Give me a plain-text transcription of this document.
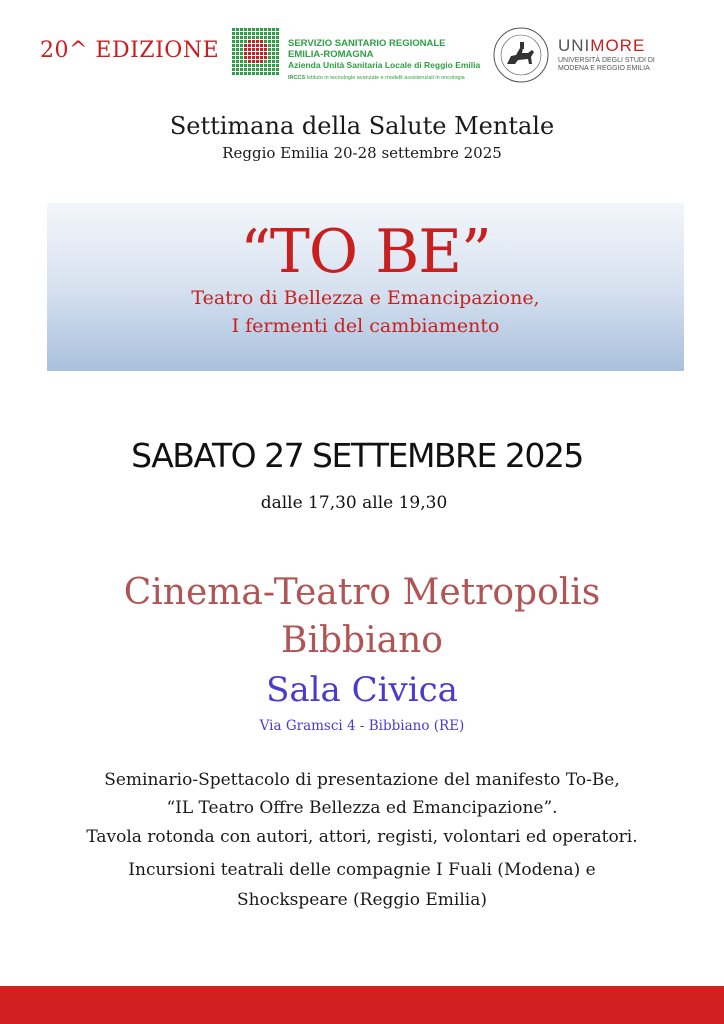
20^ EDIZIONE	SERVIZIO SANITARIO REGIONALE
EMILIA-ROMAGNA
Azienda Unità Sanitaria Locale di Reggio Emilia
IRCCS Istituto in tecnologie avanzate e modelli assistenziali in oncologia
UNIMORE
UNIVERSITÀ DEGLI STUDI DI
MODENA E REGGIO EMILIA
Settimana della Salute Mentale
Reggio Emilia 20-28 settembre 2025
“TO BE”
Teatro di Bellezza e Emancipazione,
I fermenti del cambiamento
SABATO 27 SETTEMBRE 2025
dalle 17,30 alle 19,30
Cinema-Teatro Metropolis
Bibbiano
Sala Civica
Via Gramsci 4 - Bibbiano (RE)
Seminario-Spettacolo di presentazione del manifesto To-Be,
“IL Teatro Offre Bellezza ed Emancipazione”.
Tavola rotonda con autori, attori, registi, volontari ed operatori.
Incursioni teatrali delle compagnie I Fuali (Modena) e
Shockspeare (Reggio Emilia)
